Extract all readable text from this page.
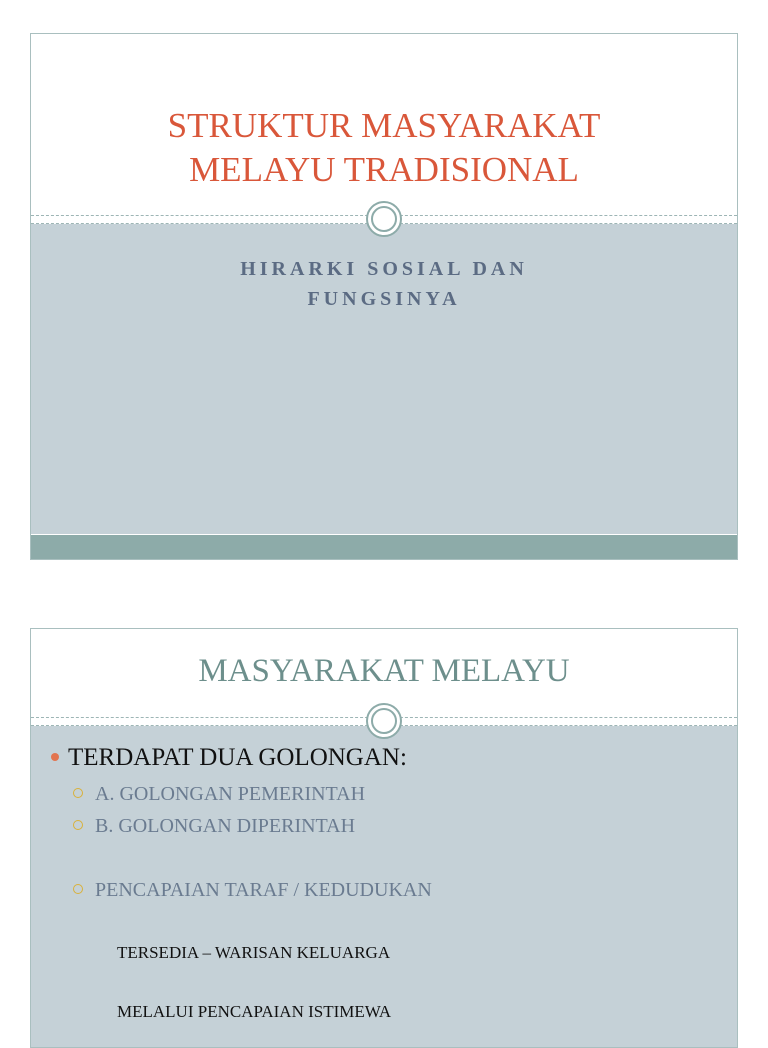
STRUKTUR MASYARAKAT
MELAYU TRADISIONAL

HIRARKI SOSIAL DAN
FUNGSINYA

MASYARAKAT MELAYU
TERDAPAT DUA GOLONGAN:
A. GOLONGAN PEMERINTAH
B. GOLONGAN DIPERINTAH
PENCAPAIAN TARAF / KEDUDUKAN
TERSEDIA – WARISAN KELUARGA
MELALUI PENCAPAIAN ISTIMEWA
